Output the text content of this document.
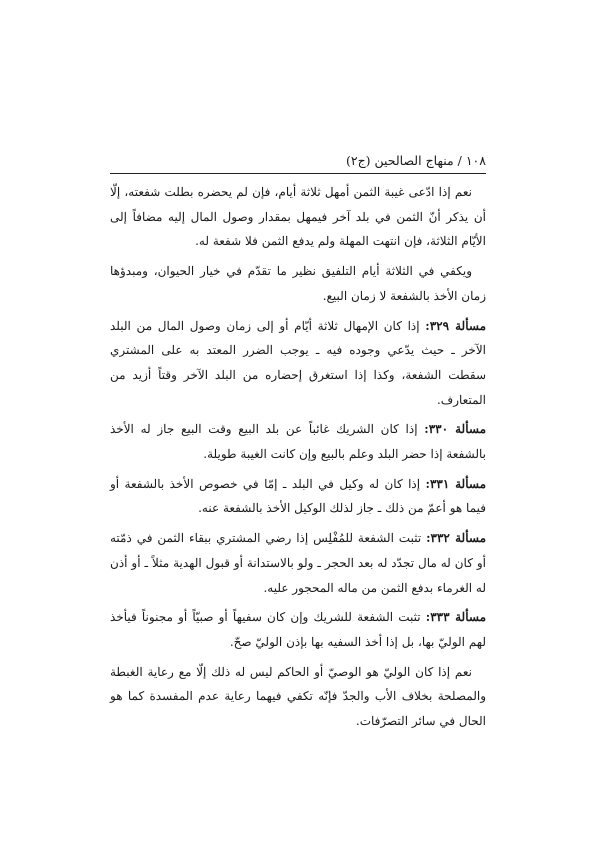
١٠٨ / منهاج الصالحين (ج٢)

نعم إذا ادّعى غيبة الثمن أمهل ثلاثة أيام، فإن لم يحضره بطلت شفعته، إلّا أن يذكر أنّ الثمن في بلد آخر فيمهل بمقدار وصول المال إليه مضافاً إلى الأيّام الثلاثة، فإن انتهت المهلة ولم يدفع الثمن فلا شفعة له.

ويكفي في الثلاثة أيام التلفيق نظير ما تقدّم في خيار الحيوان، ومبدؤها زمان الأخذ بالشفعة لا زمان البيع.

مسألة ٣٢٩: إذا كان الإمهال ثلاثة أيّام أو إلى زمان وصول المال من البلد الآخر ـ حيث يدّعي وجوده فيه ـ يوجب الضرر المعتد به على المشتري سقطت الشفعة، وكذا إذا استغرق إحضاره من البلد الآخر وقتاً أزيد من المتعارف.

مسألة ٣٣٠: إذا كان الشريك غائباً عن بلد البيع وقت البيع جاز له الأخذ بالشفعة إذا حضر البلد وعلم بالبيع وإن كانت الغيبة طويلة.

مسألة ٣٣١: إذا كان له وكيل في البلد ـ إمّا في خصوص الأخذ بالشفعة أو فيما هو أعمّ من ذلك ـ جاز لذلك الوكيل الأخذ بالشفعة عنه.

مسألة ٣٣٢: تثبت الشفعة للمُفْلِس إذا رضي المشتري ببقاء الثمن في ذمّته أو كان له مال تجدّد له بعد الحجر ـ ولو بالاستدانة أو قبول الهدية مثلاً ـ أو أذن له الغرماء بدفع الثمن من ماله المحجور عليه.

مسألة ٣٣٣: تثبت الشفعة للشريك وإن كان سفيهاً أو صبيّاً أو مجنوناً فيأخذ لهم الوليّ بها، بل إذا أخذ السفيه بها بإذن الوليّ صحّ.

نعم إذا كان الوليّ هو الوصيّ أو الحاكم ليس له ذلك إلّا مع رعاية الغبطة والمصلحة بخلاف الأب والجدّ فإنّه تكفي فيهما رعاية عدم المفسدة كما هو الحال في سائر التصرّفات.
